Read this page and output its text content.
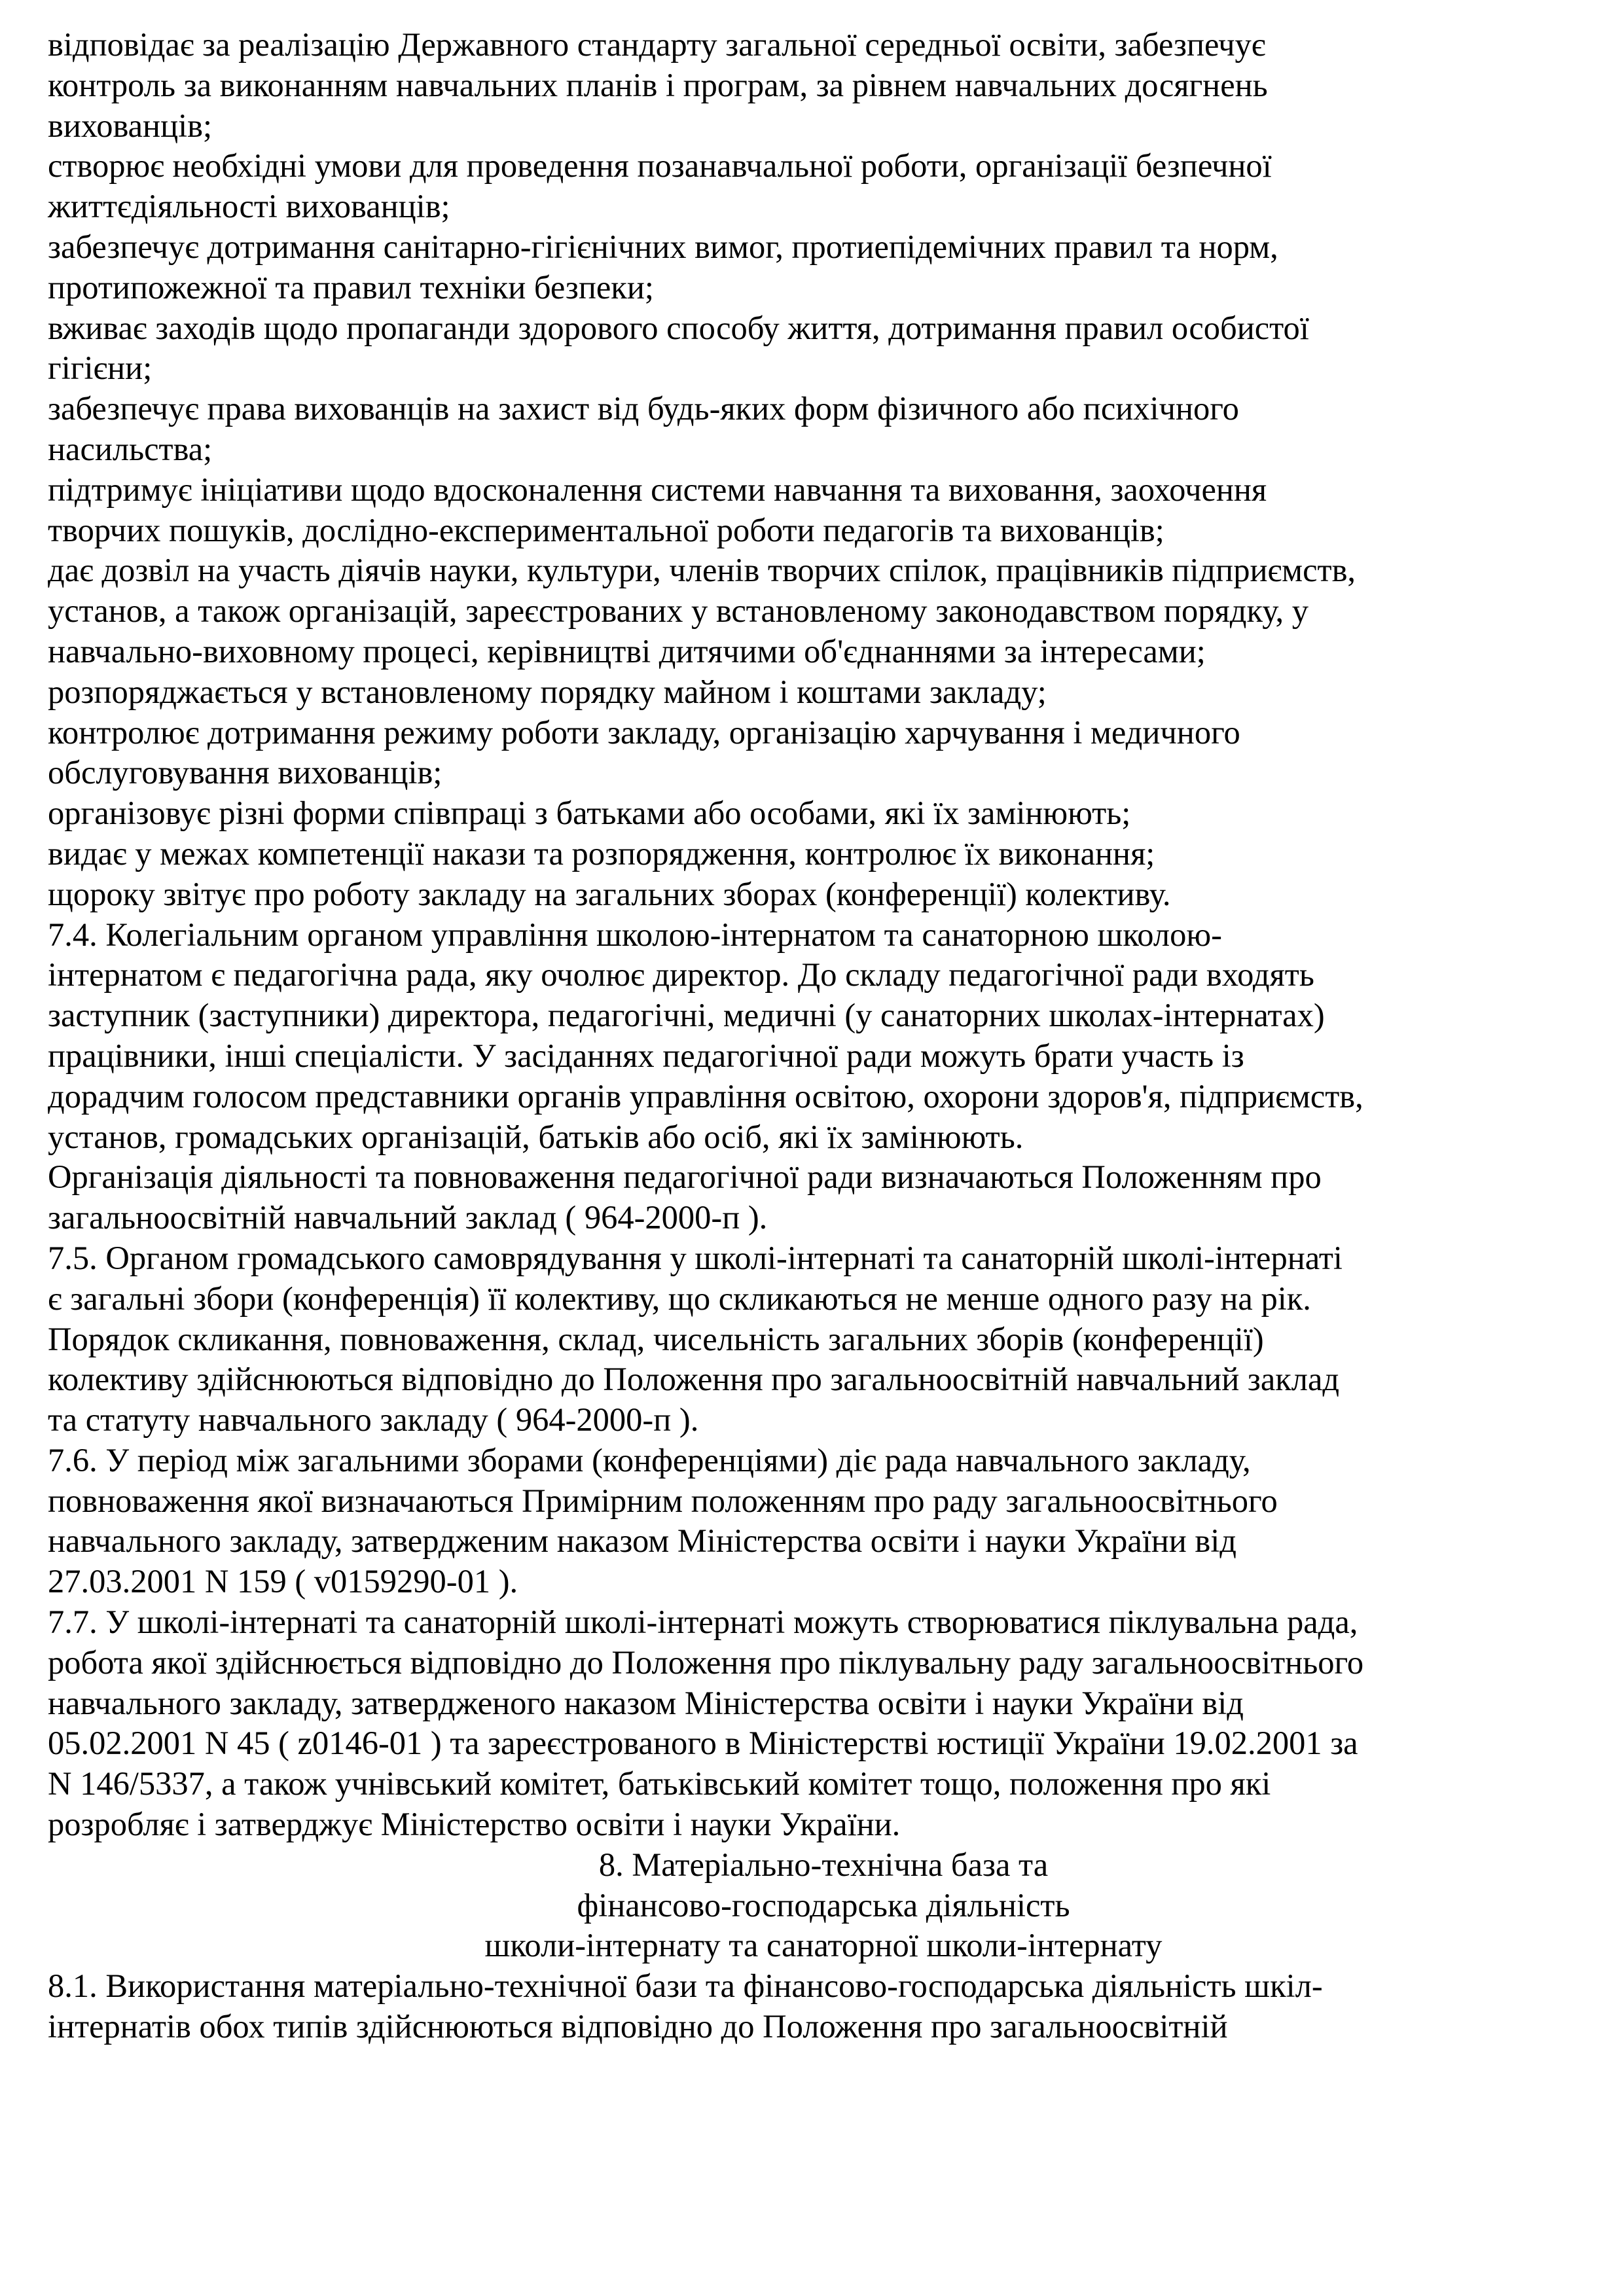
відповідає за реалізацію Державного стандарту загальної середньої освіти, забезпечує
контроль за виконанням навчальних планів і програм, за рівнем навчальних досягнень
вихованців;
створює необхідні умови для проведення позанавчальної роботи, організації безпечної
життєдіяльності вихованців;
забезпечує дотримання санітарно-гігієнічних вимог, протиепідемічних правил та норм,
протипожежної та правил техніки безпеки;
вживає заходів щодо пропаганди здорового способу життя, дотримання правил особистої
гігієни;
забезпечує права вихованців на захист від будь-яких форм фізичного або психічного
насильства;
підтримує ініціативи щодо вдосконалення системи навчання та виховання, заохочення
творчих пошуків, дослідно-експериментальної роботи педагогів та вихованців;
дає дозвіл на участь діячів науки, культури, членів творчих спілок, працівників підприємств,
установ, а також організацій, зареєстрованих у встановленому законодавством порядку, у
навчально-виховному процесі, керівництві дитячими об'єднаннями за інтересами;
розпоряджається у встановленому порядку майном і коштами закладу;
контролює дотримання режиму роботи закладу, організацію харчування і медичного
обслуговування вихованців;
організовує різні форми співпраці з батьками або особами, які їх замінюють;
видає у межах компетенції накази та розпорядження, контролює їх виконання;
щороку звітує про роботу закладу на загальних зборах (конференції) колективу.
7.4. Колегіальним органом управління школою-інтернатом та санаторною школою-
інтернатом є педагогічна рада, яку очолює директор. До складу педагогічної ради входять
заступник (заступники) директора, педагогічні, медичні (у санаторних школах-інтернатах)
працівники, інші спеціалісти. У засіданнях педагогічної ради можуть брати участь із
дорадчим голосом представники органів управління освітою, охорони здоров'я, підприємств,
установ, громадських організацій, батьків або осіб, які їх замінюють.
Організація діяльності та повноваження педагогічної ради визначаються Положенням про
загальноосвітній навчальний заклад ( 964-2000-п ).
7.5. Органом громадського самоврядування у школі-інтернаті та санаторній школі-інтернаті
є загальні збори (конференція) її колективу, що скликаються не менше одного разу на рік.
Порядок скликання, повноваження, склад, чисельність загальних зборів (конференції)
колективу здійснюються відповідно до Положення про загальноосвітній навчальний заклад
та статуту навчального закладу ( 964-2000-п ).
7.6. У період між загальними зборами (конференціями) діє рада навчального закладу,
повноваження якої визначаються Примірним положенням про раду загальноосвітнього
навчального закладу, затвердженим наказом Міністерства освіти і науки України від
27.03.2001 N 159 ( v0159290-01 ).
7.7. У школі-інтернаті та санаторній школі-інтернаті можуть створюватися піклувальна рада,
робота якої здійснюється відповідно до Положення про піклувальну раду загальноосвітнього
навчального закладу, затвердженого наказом Міністерства освіти і науки України від
05.02.2001 N 45 ( z0146-01 ) та зареєстрованого в Міністерстві юстиції України 19.02.2001 за
N 146/5337, а також учнівський комітет, батьківський комітет тощо, положення про які
розробляє і затверджує Міністерство освіти і науки України.
8. Матеріально-технічна база та
фінансово-господарська діяльність
школи-інтернату та санаторної школи-інтернату
8.1. Використання матеріально-технічної бази та фінансово-господарська діяльність шкіл-
інтернатів обох типів здійснюються відповідно до Положення про загальноосвітній
